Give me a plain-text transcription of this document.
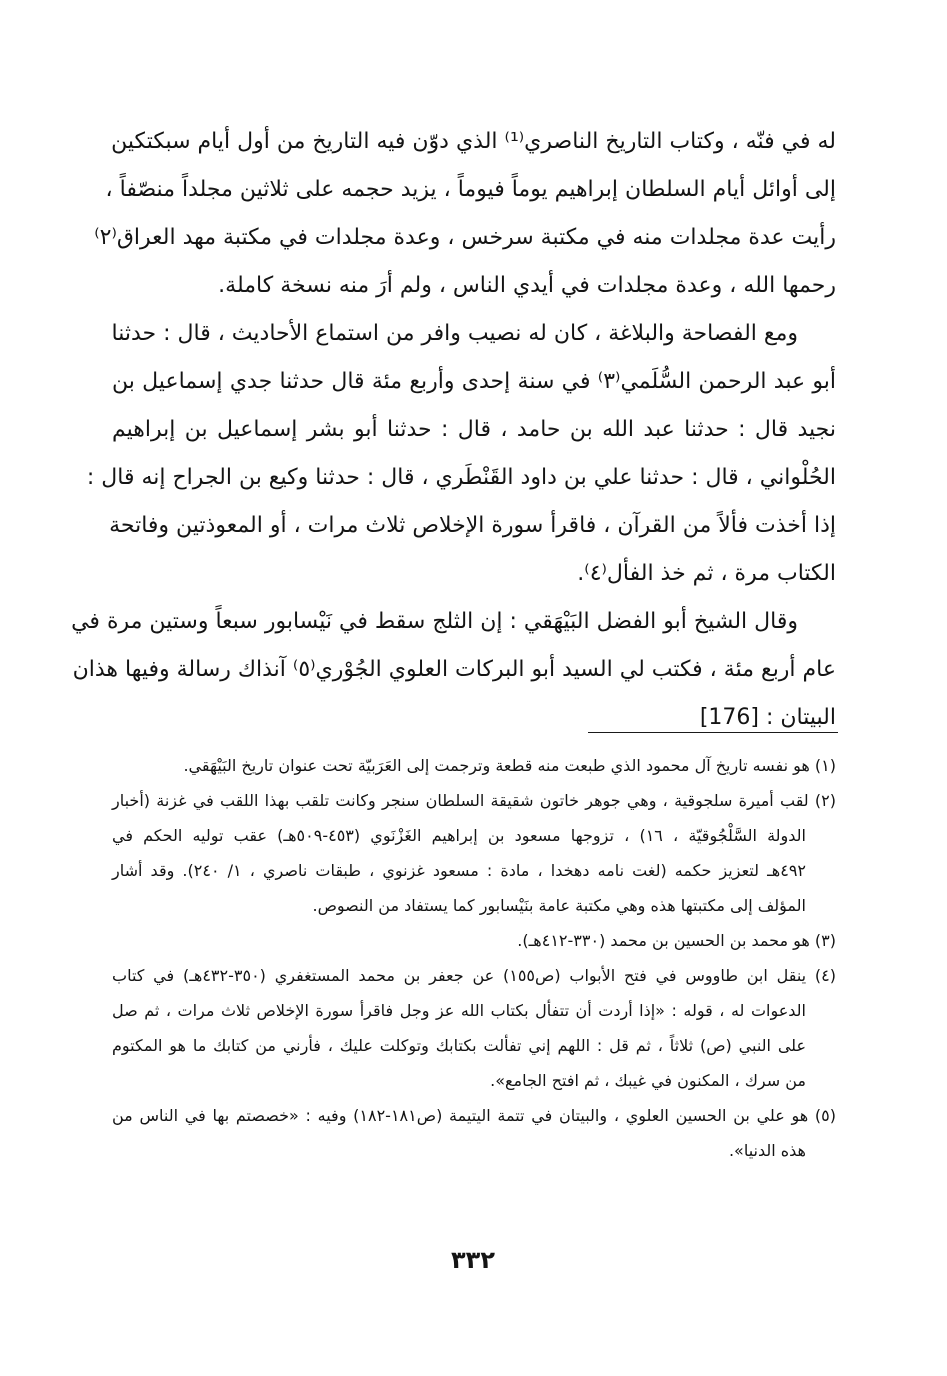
له في فنّه ، وكتاب التاريخ الناصري⁽¹⁾ الذي دوّن فيه التاريخ من أول أيام سبكتكين
إلى أوائل أيام السلطان إبراهيم يوماً فيوماً ، يزيد حجمه على ثلاثين مجلداً منصّفاً ،
رأيت عدة مجلدات منه في مكتبة سرخس ، وعدة مجلدات في مكتبة مهد العراق⁽٢⁾
رحمها الله ، وعدة مجلدات في أيدي الناس ، ولم أرَ منه نسخة كاملة.
ومع الفصاحة والبلاغة ، كان له نصيب وافر من استماع الأحاديث ، قال : حدثنا
أبو عبد الرحمن السُّلَمي⁽٣⁾ في سنة إحدى وأربع مئة قال حدثنا جدي إسماعيل بن
نجيد قال : حدثنا عبد الله بن حامد ، قال : حدثنا أبو بشر إسماعيل بن إبراهيم
الحُلْواني ، قال : حدثنا علي بن داود القَنْطَري ، قال : حدثنا وكيع بن الجراح إنه قال :
إذا أخذت فألاً من القرآن ، فاقرأ سورة الإخلاص ثلاث مرات ، أو المعوذتين وفاتحة
الكتاب مرة ، ثم خذ الفأل⁽٤⁾.
وقال الشيخ أبو الفضل البَيْهَقي : إن الثلج سقط في نَيْسابور سبعاً وستين مرة في
عام أربع مئة ، فكتب لي السيد أبو البركات العلوي الجُوْري⁽٥⁾ آنذاك رسالة وفيها هذان
البيتان : [176]
(١) هو نفسه تاريخ آل محمود الذي طبعت منه قطعة وترجمت إلى العَرَبيّة تحت عنوان تاريخ البَيْهَقي.
(٢) لقب أميرة سلجوقية ، وهي جوهر خاتون شقيقة السلطان سنجر وكانت تلقب بهذا اللقب في غزنة (أخبار
الدولة السَّلْجُوقيّة ، ١٦) ، تزوجها مسعود بن إبراهيم الغَزْنَوي (٤٥٣-٥٠٩هـ) عقب توليه الحكم في
٤٩٢هـ لتعزيز حكمه (لغت نامه دهخدا ، مادة : مسعود غزنوي ، طبقات ناصري ، ١/ ٢٤٠). وقد أشار
المؤلف إلى مكتبتها هذه وهي مكتبة عامة بنَيْسابور كما يستفاد من النصوص.
(٣) هو محمد بن الحسين بن محمد (٣٣٠-٤١٢هـ).
(٤) ينقل ابن طاووس في فتح الأبواب (ص١٥٥) عن جعفر بن محمد المستغفري (٣٥٠-٤٣٢هـ) في كتاب
الدعوات له ، قوله : «إذا أردت أن تتفأل بكتاب الله عز وجل فاقرأ سورة الإخلاص ثلاث مرات ، ثم صل
على النبي (ص) ثلاثاً ، ثم قل : اللهم إني تفألت بكتابك وتوكلت عليك ، فأرني من كتابك ما هو المكتوم
من سرك ، المكنون في غيبك ، ثم افتح الجامع».
(٥) هو علي بن الحسين العلوي ، والبيتان في تتمة اليتيمة (ص١٨١-١٨٢) وفيه : «خصصتم بها في الناس من
هذه الدنيا».
٣٣٢
